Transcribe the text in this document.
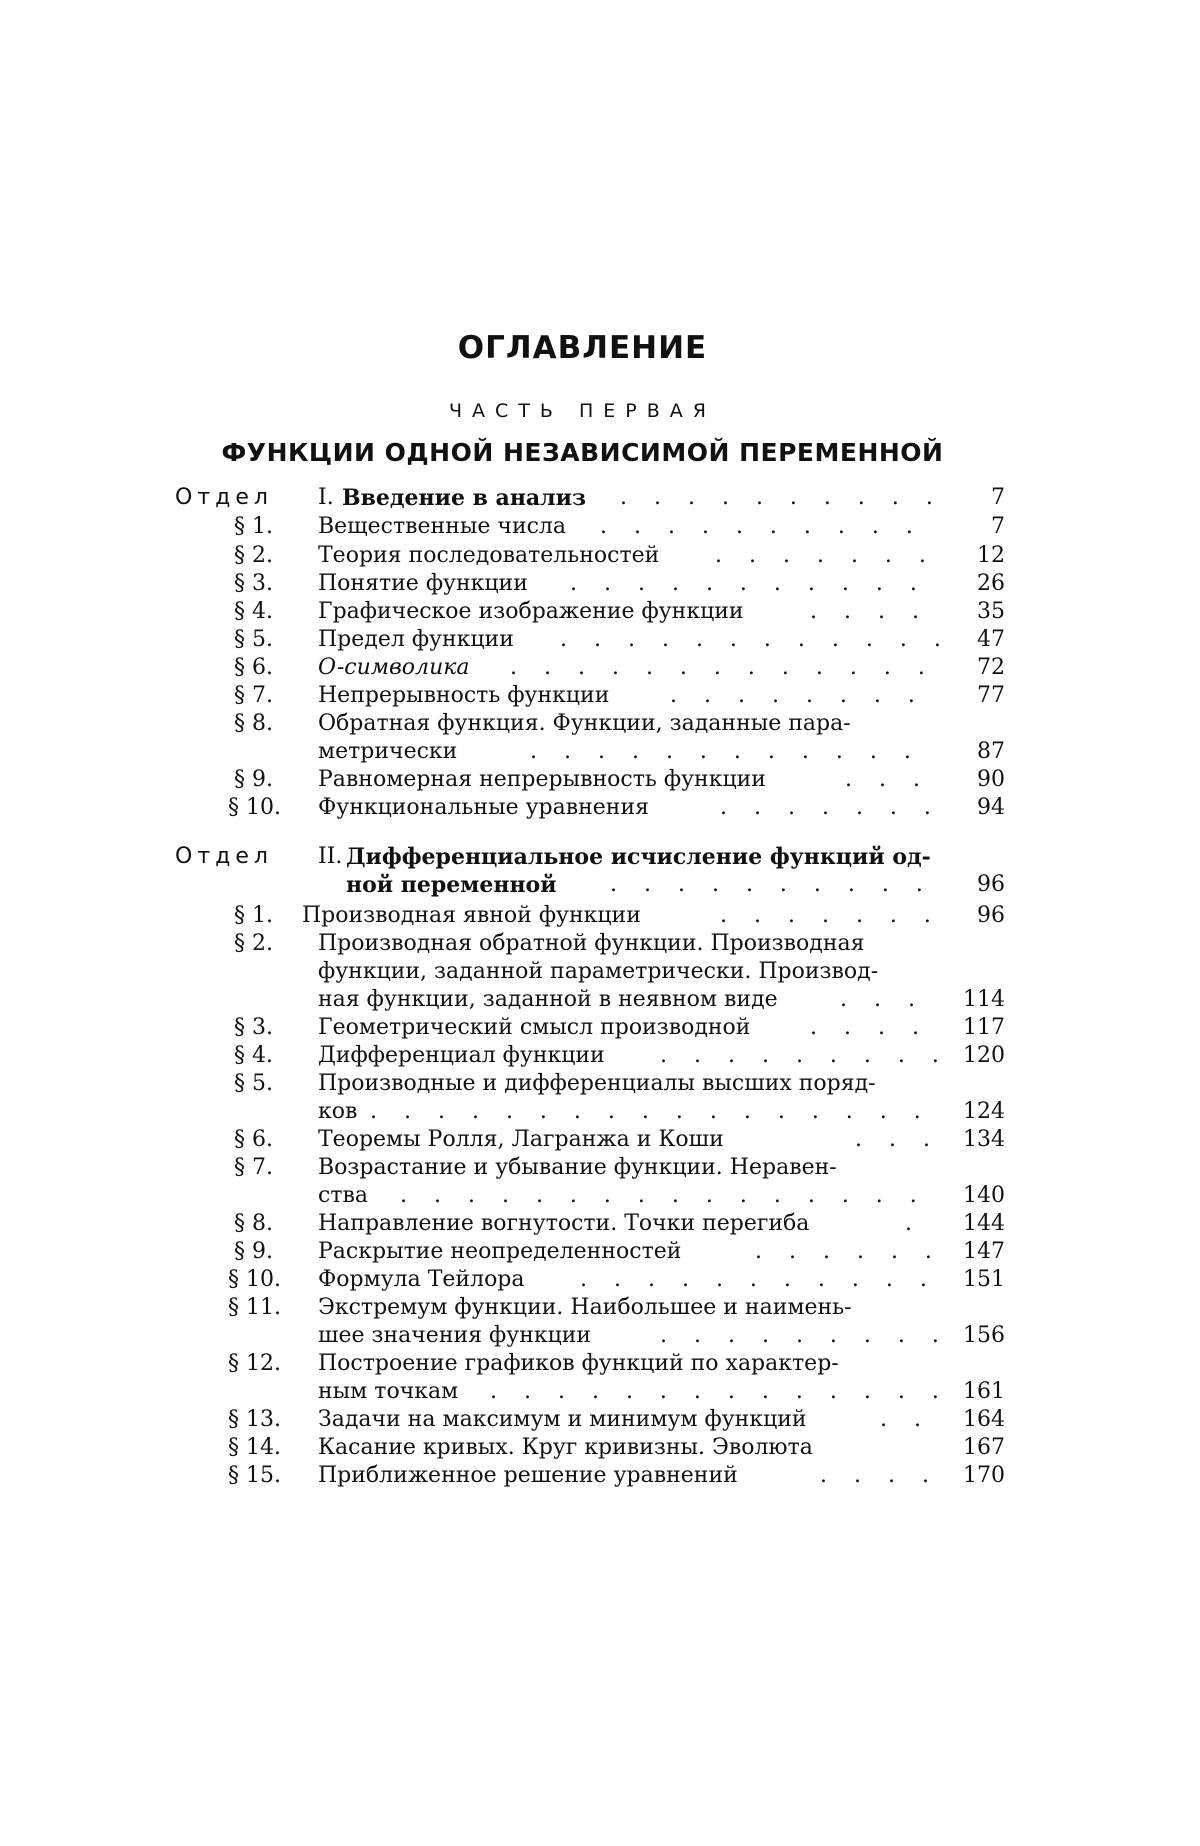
ОГЛАВЛЕНИЕ
ЧАСТЬ ПЕРВАЯ
ФУНКЦИИ ОДНОЙ НЕЗАВИСИМОЙ ПЕРЕМЕННОЙ
Отдел I. Введение в анализ . . . . . . . . .	7
§ 1.	Вещественные числа . . . . . . . . . .	7
§ 2.	Теория последовательностей	. . . . . . .	12
§ 3.	Понятие функции . . . . . . . . . . .	26
§ 4.	Графическое изображение функции	. . . .	35
§ 5.	Предел функции . . . . . . . . . . .	47
§ 6.	O-символика . . . . . . . . . . . . .	72
§ 7.	Непрерывность функции	. . . . . . . .	77
§ 8.	Обратная функция. Функции, заданные пара-
метрически	. . . . . . . . . . . .	87
§ 9.	Равномерная непрерывность функции	. . .	90
§ 10.	Функциональные уравнения	. . . . . . .	94
Отдел II. Дифференциальное исчисление функций од-
ной переменной . . . . . . . . . .	96
§ 1.	Производная явной функции	. . . . . . .	96
§ 2.	Производная обратной функции. Производная
функции, заданной параметрически. Производ-
ная функции, заданной в неявном виде	. . .	114
§ 3.	Геометрический смысл производной	. . . .	117
§ 4.	Дифференциал функции	. . . . . . . .	120
§ 5.	Производные и дифференциалы высших поряд-
ков . . . . . . . . . . . . . . . . .	124
§ 6.	Теоремы Ролля, Лагранжа и Коши	. . .	134
§ 7.	Возрастание и убывание функции. Неравен-
ства . . . . . . . . . . . . . . . .	140
§ 8.	Направление вогнутости. Точки перегиба	.	144
§ 9.	Раскрытие неопределенностей	. . . . .	147
§ 10.	Формула Тейлора	. . . . . . . . . . .	151
§ 11.	Экстремум функции. Наибольшее и наимень-
шее значения функции	. . . . . . . .	156
§ 12.	Построение графиков функций по характер-
ным точкам . . . . . . . . . . . . .	161
§ 13.	Задачи на максимум и минимум функций	. .	164
§ 14.	Касание кривых. Круг кривизны. Эволюта	167
§ 15.	Приближенное решение уравнений	. . . .	170
